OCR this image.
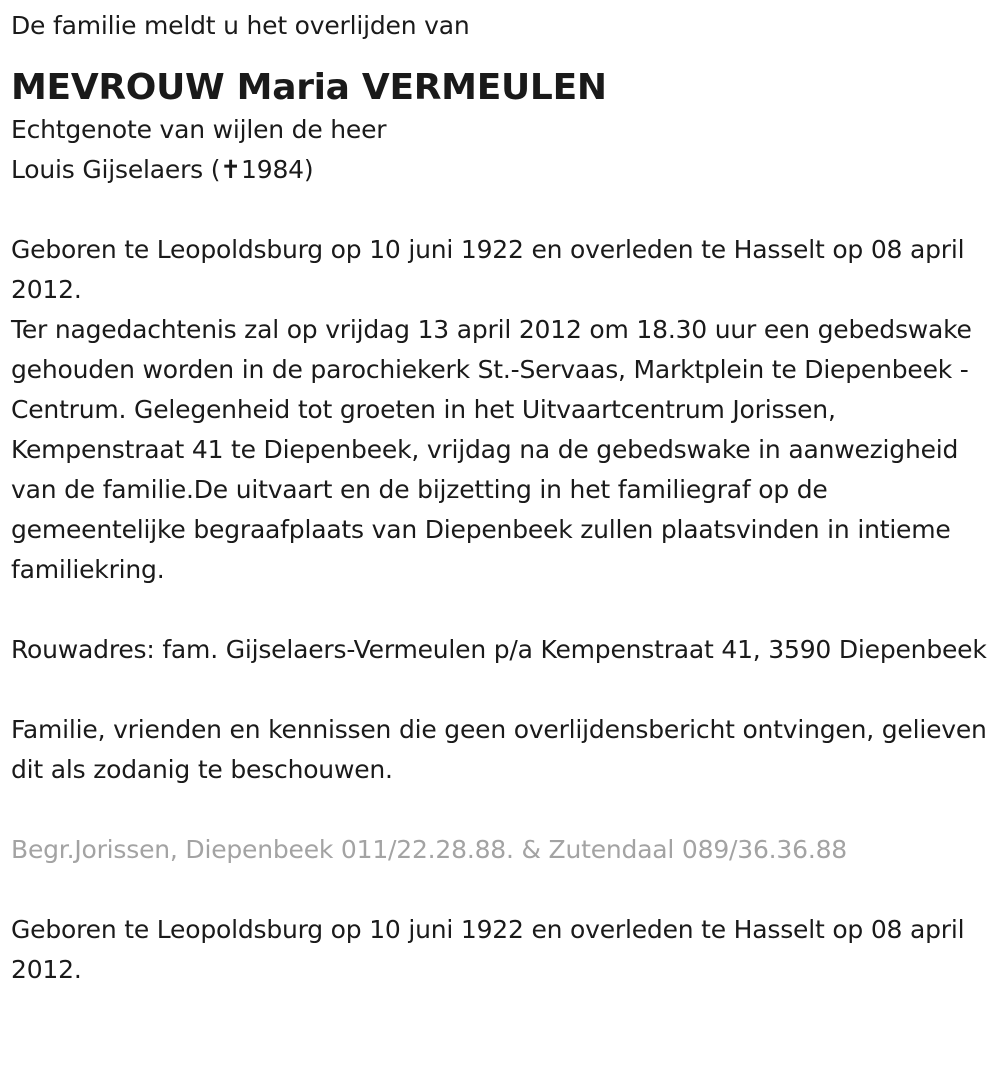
De familie meldt u het overlijden van

MEVROUW Maria VERMEULEN

Echtgenote van wijlen de heer

Louis Gijselaers (✝1984)

Geboren te Leopoldsburg op 10 juni 1922 en overleden te Hasselt op 08 april 2012.

Ter nagedachtenis zal op vrijdag 13 april 2012 om 18.30 uur een gebedswake gehouden worden in de parochiekerk St.-Servaas, Marktplein te Diepenbeek - Centrum. Gelegenheid tot groeten in het Uitvaartcentrum Jorissen, Kempenstraat 41 te Diepenbeek, vrijdag na de gebedswake in aanwezigheid van de familie.De uitvaart en de bijzetting in het familiegraf op de gemeentelijke begraafplaats van Diepenbeek zullen plaatsvinden in intieme familiekring.

Rouwadres: fam. Gijselaers-Vermeulen p/a Kempenstraat 41, 3590 Diepenbeek

Familie, vrienden en kennissen die geen overlijdensbericht ontvingen, gelieven dit als zodanig te beschouwen.

Begr.Jorissen, Diepenbeek 011/22.28.88. & Zutendaal 089/36.36.88

Geboren te Leopoldsburg op 10 juni 1922 en overleden te Hasselt op 08 april 2012.
